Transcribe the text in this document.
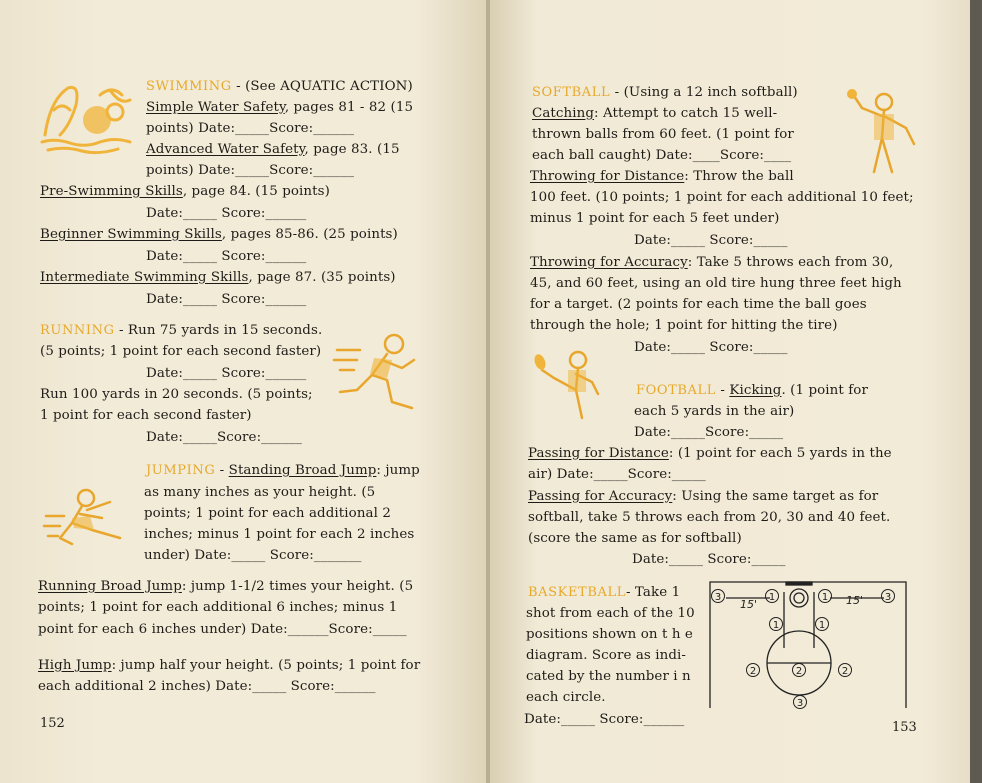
SWIMMING - (See AQUATIC ACTION)
Simple Water Safety, pages 81 - 82 (15
points) Date:_____Score:______
Advanced Water Safety, page 83. (15
points) Date:_____Score:______
Pre-Swimming Skills, page 84. (15 points)
Date:_____ Score:______
Beginner Swimming Skills, pages 85-86. (25 points)
Date:_____ Score:______
Intermediate Swimming Skills, page 87. (35 points)
Date:_____ Score:______
RUNNING - Run 75 yards in 15 seconds.
(5 points; 1 point for each second faster)
Date:_____ Score:______
Run 100 yards in 20 seconds. (5 points;
1 point for each second faster)
Date:_____Score:______
JUMPING - Standing Broad Jump: jump
as many inches as your height. (5
points; 1 point for each additional 2
inches; minus 1 point for each 2 inches
under) Date:_____ Score:_______
Running Broad Jump: jump 1-1/2 times your height. (5
points; 1 point for each additional 6 inches; minus 1
point for each 6 inches under) Date:______Score:_____
High Jump: jump half your height. (5 points; 1 point for
each additional 2 inches) Date:_____ Score:______
152
SOFTBALL - (Using a 12 inch softball)
Catching: Attempt to catch 15 well-
thrown balls from 60 feet. (1 point for
each ball caught) Date:____Score:____
Throwing for Distance: Throw the ball
100 feet. (10 points; 1 point for each additional 10 feet;
minus 1 point for each 5 feet under)
Date:_____ Score:_____
Throwing for Accuracy: Take 5 throws each from 30,
45, and 60 feet, using an old tire hung three feet high
for a target. (2 points for each time the ball goes
through the hole; 1 point for hitting the tire)
Date:_____ Score:_____
FOOTBALL - Kicking. (1 point for
each 5 yards in the air)
Date:_____Score:_____
Passing for Distance: (1 point for each 5 yards in the
air) Date:_____Score:_____
Passing for Accuracy: Using the same target as for
softball, take 5 throws each from 20, 30 and 40 feet.
(score the same as for softball)
Date:_____ Score:_____
BASKETBALL- Take 1
shot from each of the 10
positions shown on t h e
diagram. Score as indi-
cated by the number i n
each circle.
Date:_____ Score:______
15'	15'
3	1	1	3
1	1
2	2	2
3
153
